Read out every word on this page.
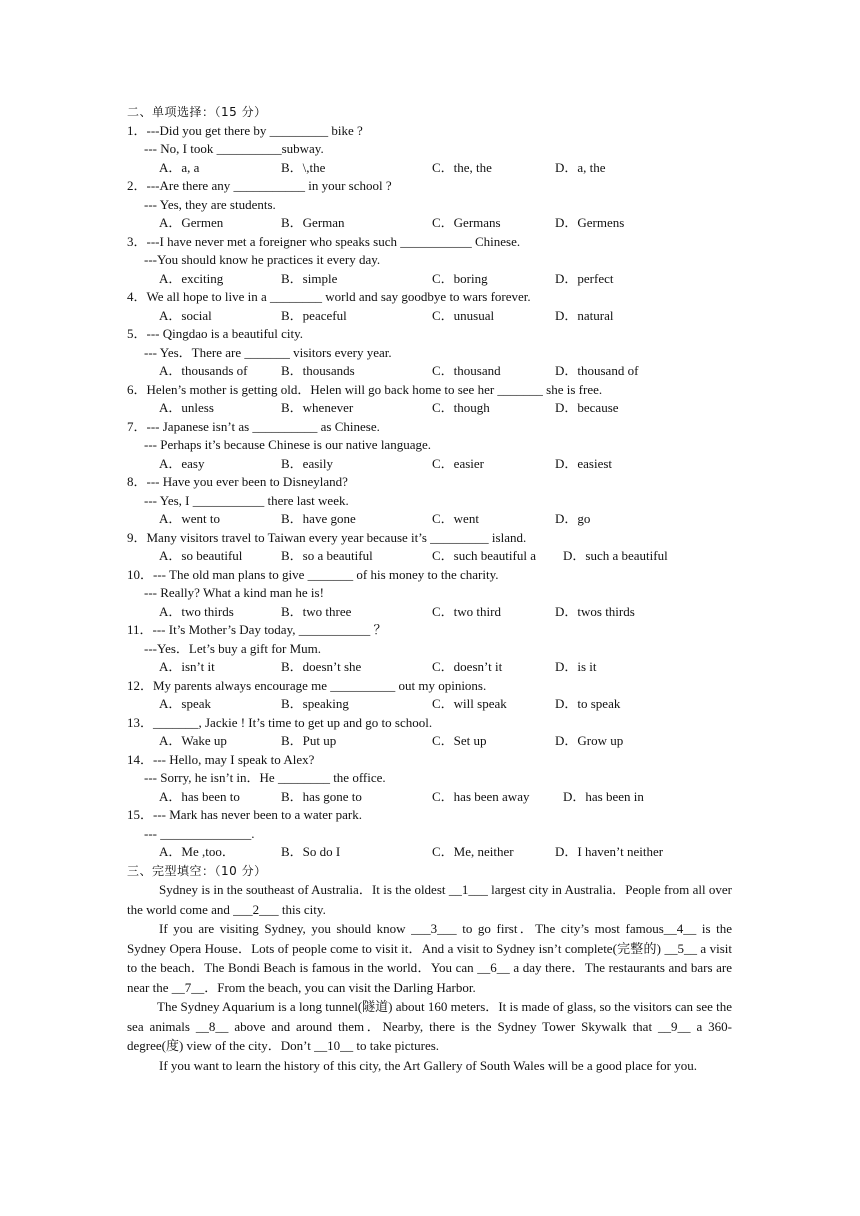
二、单项选择：（15 分）
1．---Did you get there by _________ bike ?
--- No, I took __________subway.
A．a, a	B．\,the	C．the, the	D．a, the
2．---Are there any ___________ in your school ?
--- Yes, they are students.
A．Germen	B．German	C．Germans	D．Germens
3．---I have never met a foreigner who speaks such ___________ Chinese.
---You should know he practices it every day.
A．exciting	B．simple	C．boring	D．perfect
4．We all hope to live in a ________ world and say goodbye to wars forever.
A．social	B．peaceful	C．unusual	D．natural
5．--- Qingdao is a beautiful city.
--- Yes．There are _______ visitors every year.
A．thousands of	B．thousands	C．thousand	D．thousand of
6．Helen’s mother is getting old．Helen will go back home to see her _______ she is free.
A．unless	B．whenever	C．though	D．because
7．--- Japanese isn’t as __________ as Chinese.
--- Perhaps it’s because Chinese is our native language.
A．easy	B．easily	C．easier	D．easiest
8．--- Have you ever been to Disneyland?
--- Yes, I ___________ there last week.
A．went to	B．have gone	C．went	D．go
9．Many visitors travel to Taiwan every year because it’s _________ island.
A．so beautiful	B．so a beautiful	C．such beautiful a D．such a beautiful
10．--- The old man plans to give _______ of his money to the charity.
--- Really? What a kind man he is!
A．two thirds	B．two three	C．two third	D．twos thirds
11．--- It’s Mother’s Day today, ___________ ？
---Yes．Let’s buy a gift for Mum.
A．isn’t it	B．doesn’t she	C．doesn’t it	D．is it
12．My parents always encourage me __________ out my opinions.
A．speak	B．speaking	C．will speak	D．to speak
13．_______, Jackie ! It’s time to get up and go to school.
A．Wake up	B．Put up	C．Set up	D．Grow up
14．--- Hello, may I speak to Alex?
--- Sorry, he isn’t in．He ________ the office.
A．has been to	B．has gone to	C．has been away	D．has been in
15．--- Mark has never been to a water park.
--- ______________.
A．Me ,too．	B．So do I	C．Me, neither	D．I haven’t neither
三、完型填空：（10 分）

Sydney is in the southeast of Australia．It is the oldest __1___ largest city in Australia．People from all over the world come and ___2___ this city.

If you are visiting Sydney, you should know ___3___ to go first．The city’s most famous__4__ is the Sydney Opera House．Lots of people come to visit it．And a visit to Sydney isn’t complete(完整的) __5__ a visit to the beach．The Bondi Beach is famous in the world．You can __6__ a day there．The restaurants and bars are near the __7__．From the beach, you can visit the Darling Harbor.

The Sydney Aquarium is a long tunnel(隧道) about 160 meters．It is made of glass, so the visitors can see the sea animals __8__ above and around them．Nearby, there is the Sydney Tower Skywalk that __9__ a 360-degree(度) view of the city．Don’t __10__ to take pictures.

If you want to learn the history of this city, the Art Gallery of South Wales will be a good place for you.
